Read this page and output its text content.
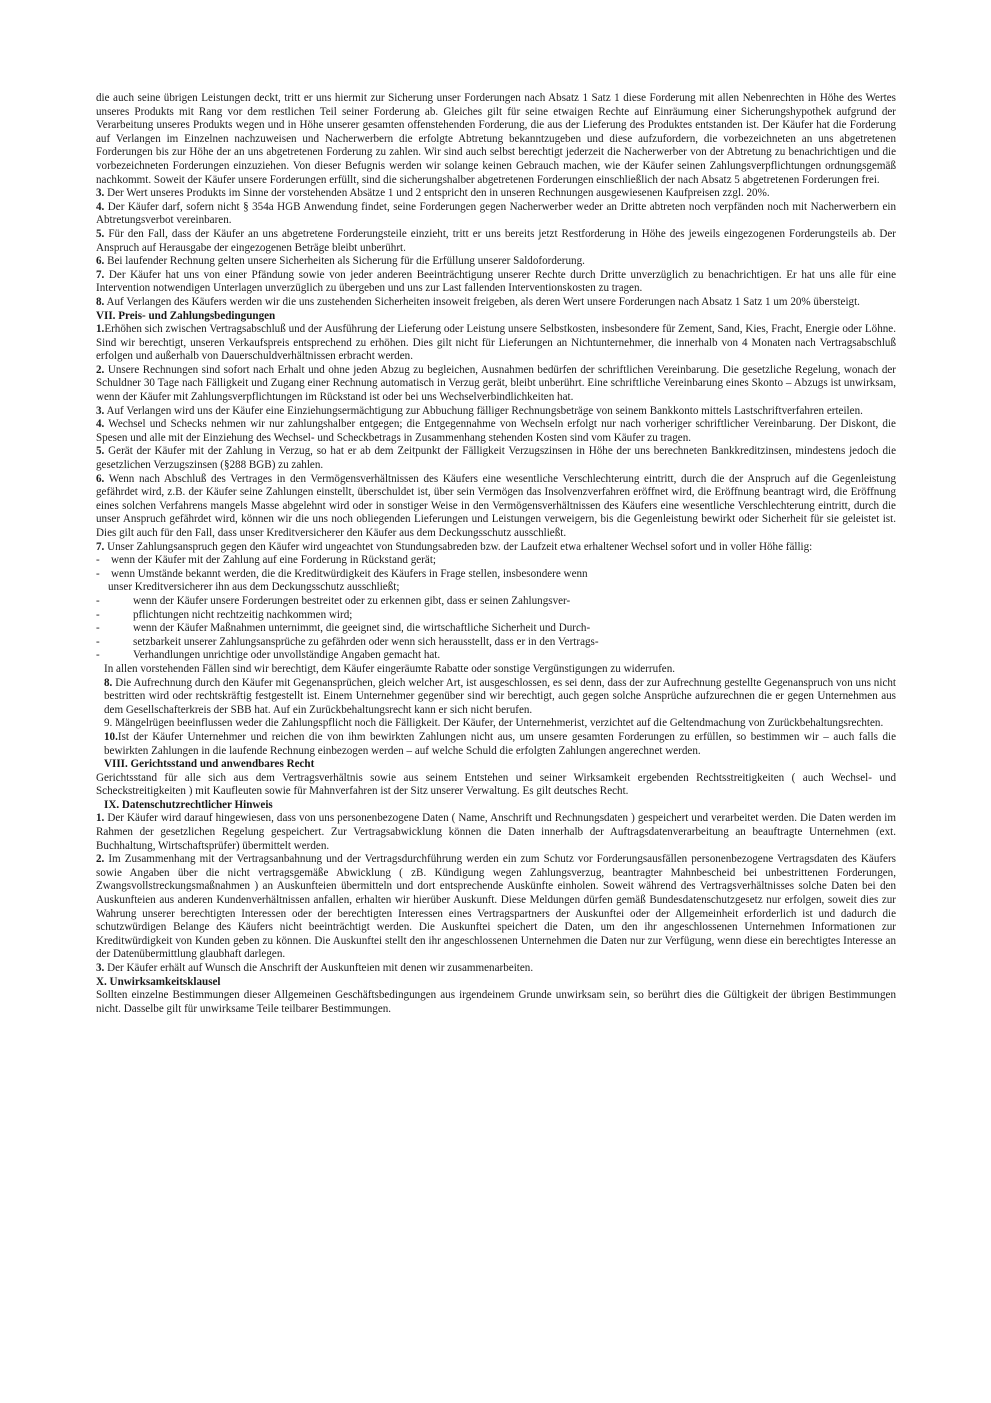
die auch seine übrigen Leistungen deckt, tritt er uns hiermit zur Sicherung unser Forderungen nach Absatz 1 Satz 1 diese Forderung mit allen Nebenrechten in Höhe des Wertes unseres Produkts mit Rang vor dem restlichen Teil seiner Forderung ab. Gleiches gilt für seine etwaigen Rechte auf Einräumung einer Sicherungshypothek aufgrund der Verarbeitung unseres Produkts wegen und in Höhe unserer gesamten offenstehenden Forderung, die aus der Lieferung des Produktes entstanden ist. Der Käufer hat die Forderung auf Verlangen im Einzelnen nachzuweisen und Nacherwerbern die erfolgte Abtretung bekanntzugeben und diese aufzufordern, die vorbezeichneten an uns abgetretenen Forderungen bis zur Höhe der an uns abgetretenen Forderung zu zahlen. Wir sind auch selbst berechtigt jederzeit die Nacherwerber von der Abtretung zu benachrichtigen und die vorbezeichneten Forderungen einzuziehen. Von dieser Befugnis werden wir solange keinen Gebrauch machen, wie der Käufer seinen Zahlungsverpflichtungen ordnungsgemäß nachkommt. Soweit der Käufer unsere Forderungen erfüllt, sind die sicherungshalber abgetretenen Forderungen einschließlich der nach Absatz 5 abgetretenen Forderungen frei.

3. Der Wert unseres Produkts im Sinne der vorstehenden Absätze 1 und 2 entspricht den in unseren Rechnungen ausgewiesenen Kaufpreisen zzgl. 20%.

4. Der Käufer darf, sofern nicht § 354a HGB Anwendung findet, seine Forderungen gegen Nacherwerber weder an Dritte abtreten noch verpfänden noch mit Nacherwerbern ein Abtretungsverbot vereinbaren.

5. Für den Fall, dass der Käufer an uns abgetretene Forderungsteile einzieht, tritt er uns bereits jetzt Restforderung in Höhe des jeweils eingezogenen Forderungsteils ab. Der Anspruch auf Herausgabe der eingezogenen Beträge bleibt unberührt.

6. Bei laufender Rechnung gelten unsere Sicherheiten als Sicherung für die Erfüllung unserer Saldoforderung.

7. Der Käufer hat uns von einer Pfändung sowie von jeder anderen Beeinträchtigung unserer Rechte durch Dritte unverzüglich zu benachrichtigen. Er hat uns alle für eine Intervention notwendigen Unterlagen unverzüglich zu übergeben und uns zur Last fallenden Interventionskosten zu tragen.

8. Auf Verlangen des Käufers werden wir die uns zustehenden Sicherheiten insoweit freigeben, als deren Wert unsere Forderungen nach Absatz 1 Satz 1 um 20% übersteigt.

VII. Preis- und Zahlungsbedingungen

1.Erhöhen sich zwischen Vertragsabschluß und der Ausführung der Lieferung oder Leistung unsere Selbstkosten, insbesondere für Zement, Sand, Kies, Fracht, Energie oder Löhne. Sind wir berechtigt, unseren Verkaufspreis entsprechend zu erhöhen. Dies gilt nicht für Lieferungen an Nichtunternehmer, die innerhalb von 4 Monaten nach Vertragsabschluß erfolgen und außerhalb von Dauerschuldverhältnissen erbracht werden.

2. Unsere Rechnungen sind sofort nach Erhalt und ohne jeden Abzug zu begleichen, Ausnahmen bedürfen der schriftlichen Vereinbarung. Die gesetzliche Regelung, wonach der Schuldner 30 Tage nach Fälligkeit und Zugang einer Rechnung automatisch in Verzug gerät, bleibt unberührt. Eine schriftliche Vereinbarung eines Skonto – Abzugs ist unwirksam, wenn der Käufer mit Zahlungsverpflichtungen im Rückstand ist oder bei uns Wechselverbindlichkeiten hat.

3. Auf Verlangen wird uns der Käufer eine Einziehungsermächtigung zur Abbuchung fälliger Rechnungsbeträge von seinem Bankkonto mittels Lastschriftverfahren erteilen.

4. Wechsel und Schecks nehmen wir nur zahlungshalber entgegen; die Entgegennahme von Wechseln erfolgt nur nach vorheriger schriftlicher Vereinbarung. Der Diskont, die Spesen und alle mit der Einziehung des Wechsel- und Scheckbetrags in Zusammenhang stehenden Kosten sind vom Käufer zu tragen.

5. Gerät der Käufer mit der Zahlung in Verzug, so hat er ab dem Zeitpunkt der Fälligkeit Verzugszinsen in Höhe der uns berechneten Bankkreditzinsen, mindestens jedoch die gesetzlichen Verzugszinsen (§288 BGB) zu zahlen.

6. Wenn nach Abschluß des Vertrages in den Vermögensverhältnissen des Käufers eine wesentliche Verschlechterung eintritt, durch die der Anspruch auf die Gegenleistung gefährdet wird, z.B. der Käufer seine Zahlungen einstellt, überschuldet ist, über sein Vermögen das Insolvenzverfahren eröffnet wird, die Eröffnung beantragt wird, die Eröffnung eines solchen Verfahrens mangels Masse abgelehnt wird oder in sonstiger Weise in den Vermögensverhältnissen des Käufers eine wesentliche Verschlechterung eintritt, durch die unser Anspruch gefährdet wird, können wir die uns noch obliegenden Lieferungen und Leistungen verweigern, bis die Gegenleistung bewirkt oder Sicherheit für sie geleistet ist. Dies gilt auch für den Fall, dass unser Kreditversicherer den Käufer aus dem Deckungsschutz ausschließt.

7. Unser Zahlungsanspruch gegen den Käufer wird ungeachtet von Stundungsabreden bzw. der Laufzeit etwa erhaltener Wechsel sofort und in voller Höhe fällig:

- wenn der Käufer mit der Zahlung auf eine Forderung in Rückstand gerät;

- wenn Umstände bekannt werden, die die Kreditwürdigkeit des Käufers in Frage stellen, insbesondere wenn

unser Kreditversicherer ihn aus dem Deckungsschutz ausschließt;

-	wenn der Käufer unsere Forderungen bestreitet oder zu erkennen gibt, dass er seinen Zahlungsver-

-	pflichtungen nicht rechtzeitig nachkommen wird;

-	wenn der Käufer Maßnahmen unternimmt, die geeignet sind, die wirtschaftliche Sicherheit und Durch-

-	setzbarkeit unserer Zahlungsansprüche zu gefährden oder wenn sich herausstellt, dass er in den Vertrags-

-	Verhandlungen unrichtige oder unvollständige Angaben gemacht hat.

In allen vorstehenden Fällen sind wir berechtigt, dem Käufer eingeräumte Rabatte oder sonstige Vergünstigungen zu widerrufen.

8. Die Aufrechnung durch den Käufer mit Gegenansprüchen, gleich welcher Art, ist ausgeschlossen, es sei denn, dass der zur Aufrechnung gestellte Gegenanspruch von uns nicht bestritten wird oder rechtskräftig festgestellt ist. Einem Unternehmer gegenüber sind wir berechtigt, auch gegen solche Ansprüche aufzurechnen die er gegen Unternehmen aus dem Gesellschafterkreis der SBB hat. Auf ein Zurückbehaltungsrecht kann er sich nicht berufen.

9. Mängelrügen beeinflussen weder die Zahlungspflicht noch die Fälligkeit. Der Käufer, der Unternehmerist, verzichtet auf die Geltendmachung von Zurückbehaltungsrechten.

10.Ist der Käufer Unternehmer und reichen die von ihm bewirkten Zahlungen nicht aus, um unsere gesamten Forderungen zu erfüllen, so bestimmen wir – auch falls die bewirkten Zahlungen in die laufende Rechnung einbezogen werden – auf welche Schuld die erfolgten Zahlungen angerechnet werden.

VIII. Gerichtsstand und anwendbares Recht

Gerichtsstand für alle sich aus dem Vertragsverhältnis sowie aus seinem Entstehen und seiner Wirksamkeit ergebenden Rechtsstreitigkeiten ( auch Wechsel- und Scheckstreitigkeiten ) mit Kaufleuten sowie für Mahnverfahren ist der Sitz unserer Verwaltung. Es gilt deutsches Recht.

IX. Datenschutzrechtlicher Hinweis

1. Der Käufer wird darauf hingewiesen, dass von uns personenbezogene Daten ( Name, Anschrift und Rechnungsdaten ) gespeichert und verarbeitet werden. Die Daten werden im Rahmen der gesetzlichen Regelung gespeichert. Zur Vertragsabwicklung können die Daten innerhalb der Auftragsdatenverarbeitung an beauftragte Unternehmen (ext. Buchhaltung, Wirtschaftsprüfer) übermittelt werden.

2. Im Zusammenhang mit der Vertragsanbahnung und der Vertragsdurchführung werden ein zum Schutz vor Forderungsausfällen personenbezogene Vertragsdaten des Käufers sowie Angaben über die nicht vertragsgemäße Abwicklung ( zB. Kündigung wegen Zahlungsverzug, beantragter Mahnbescheid bei unbestrittenen Forderungen, Zwangsvollstreckungsmaßnahmen ) an Auskunfteien übermitteln und dort entsprechende Auskünfte einholen. Soweit während des Vertragsverhältnisses solche Daten bei den Auskunfteien aus anderen Kundenverhältnissen anfallen, erhalten wir hierüber Auskunft. Diese Meldungen dürfen gemäß Bundesdatenschutzgesetz nur erfolgen, soweit dies zur Wahrung unserer berechtigten Interessen oder der berechtigten Interessen eines Vertragspartners der Auskunftei oder der Allgemeinheit erforderlich ist und dadurch die schutzwürdigen Belange des Käufers nicht beeinträchtigt werden. Die Auskunftei speichert die Daten, um den ihr angeschlossenen Unternehmen Informationen zur Kreditwürdigkeit von Kunden geben zu können. Die Auskunftei stellt den ihr angeschlossenen Unternehmen die Daten nur zur Verfügung, wenn diese ein berechtigtes Interesse an der Datenübermittlung glaubhaft darlegen.

3. Der Käufer erhält auf Wunsch die Anschrift der Auskunfteien mit denen wir zusammenarbeiten.

X. Unwirksamkeitsklausel

Sollten einzelne Bestimmungen dieser Allgemeinen Geschäftsbedingungen aus irgendeinem Grunde unwirksam sein, so berührt dies die Gültigkeit der übrigen Bestimmungen nicht. Dasselbe gilt für unwirksame Teile teilbarer Bestimmungen.
